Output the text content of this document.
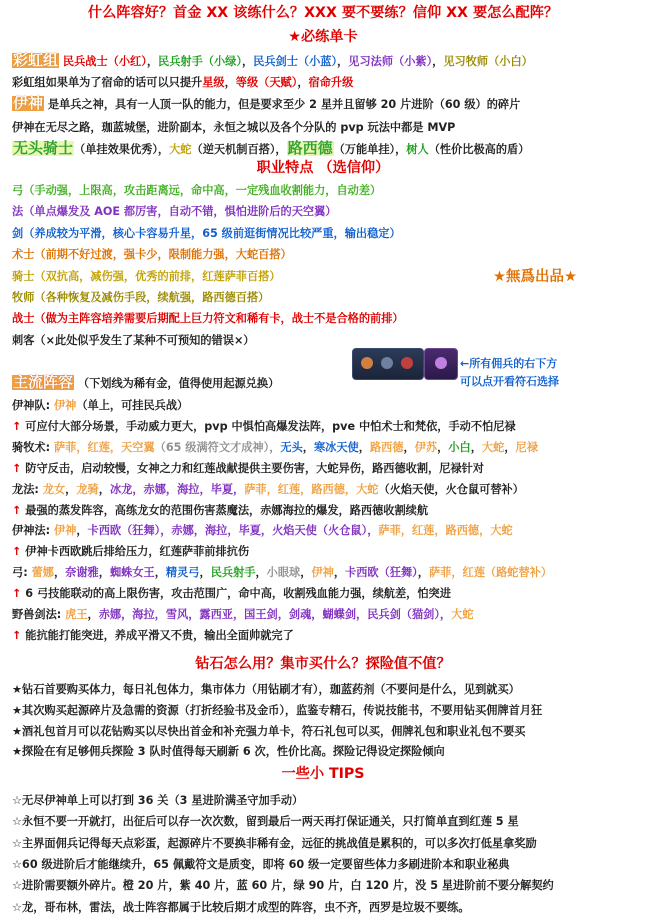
什么阵容好？首金 XX 该练什么？XXX 要不要练？信仰 XX 要怎么配阵？
★必练单卡
彩虹组 民兵战士（小红），民兵射手（小绿），民兵剑士（小蓝），见习法师（小紫），见习牧师（小白）
彩虹组如果单为了宿命的话可以只提升星级，等级（天赋），宿命升级
伊神 是单兵之神，具有一人顶一队的能力，但是要求至少 2 星并且留够 20 片进阶（60 级）的碎片
伊神在无尽之路，珈蓝城堡，进阶副本，永恒之城以及各个分队的 pvp 玩法中都是 MVP
无头骑士（单挂效果优秀），大蛇（逆天机制百搭），路西德（万能单挂），树人（性价比极高的盾）
职业特点 （选信仰）
弓（手动强，上限高，攻击距离远，命中高，一定残血收割能力，自动差）
法（单点爆发及 AOE 都厉害，自动不错，惧怕进阶后的天空翼）
剑（养成较为平滑，核心卡容易升星，65 级前逛街情况比较严重，输出稳定）
术士（前期不好过渡，强卡少，限制能力强，大蛇百搭）
骑士（双抗高，减伤强，优秀的前排，红莲萨菲百搭）
牧师（各种恢复及减伤手段，续航强，路西德百搭）
战士（做为主阵容培养需要后期配上巨力符文和稀有卡，战士不是合格的前排）
刺客（×此处似乎发生了某种不可预知的错误×）
★無爲出品★
←所有佣兵的右下方
可以点开看符石选择
主流阵容 （下划线为稀有金，值得使用起源兑换）
伊神队: 伊神（单上，可挂民兵战）
↑ 可应付大部分场景，手动威力更大，pvp 中惧怕高爆发法阵，pve 中怕术士和梵依，手动不怕尼禄
骑牧术: 萨菲，红莲，天空翼（65 级满符文才成神），无头，寒冰天使，路西德，伊苏，小白，大蛇，尼禄
↑ 防守反击，启动较慢，女神之力和红莲战献提供主要伤害，大蛇异伤，路西德收割，尼禄针对
龙法: 龙女，龙骑，冰龙，赤娜，海拉，毕夏，萨菲，红莲，路西德，大蛇（火焰天使，火仓鼠可替补）
↑ 最强的蒸发阵容，高练龙女的范围伤害蒸魔法，赤娜海拉的爆发，路西德收割续航
伊神法: 伊神，卡西欧（狂舞），赤娜，海拉，毕夏，火焰天使（火仓鼠），萨菲，红莲，路西德，大蛇
↑ 伊神卡西欧跳后排给压力，红莲萨菲前排抗伤
弓: 蕾娜，奈谢雅，蜘蛛女王，精灵弓，民兵射手，小眼球，伊神，卡西欧（狂舞），萨菲，红莲（路蛇替补）
↑ 6 弓技能联动的高上限伤害，攻击范围广，命中高，收割残血能力强，续航差，怕突进
野兽剑法: 虎王，赤娜，海拉，雪风，露西亚，国王剑，剑魂，蝴蝶剑，民兵剑（猫剑），大蛇
↑ 能抗能打能突进，养成平滑又不贵，输出全面帅就完了
钻石怎么用？集市买什么？探险值不值？
★钻石首要购买体力，每日礼包体力，集市体力（用钻刷才有），珈蓝药剂（不要问是什么，见到就买）
★其次购买起源碎片及急需的资源（打折经验书及金币），监鉴专精石，传说技能书，不要用钻买佣牌首月狂
★酒礼包首月可以花钻购买以尽快出首金和补充强力单卡，符石礼包可以买，佣牌礼包和职业礼包不要买
★探险在有足够佣兵探险 3 队时值得每天刷新 6 次，性价比高。探险记得设定探险倾向
一些小 TIPS
☆无尽伊神单上可以打到 36 关（3 星进阶满圣守加手动）
☆永恒不要一开就打，出征后可以存一次次数，留到最后一两天再打保证通关，只打简单直到红莲 5 星
☆主界面佣兵记得每天点彩蛋，起源碎片不要换非稀有金，远征的挑战值是累积的，可以多次打低星拿奖励
☆60 级进阶后才能继续升，65 佩戴符文是质变，即将 60 级一定要留些体力多刷进阶本和职业秘典
☆进阶需要额外碎片。橙 20 片，紫 40 片，蓝 60 片，绿 90 片，白 120 片，没 5 星进阶前不要分解契约
☆龙，哥布林，雷法，战士阵容都属于比较后期才成型的阵容，虫不齐，西罗是垃圾不要练。
